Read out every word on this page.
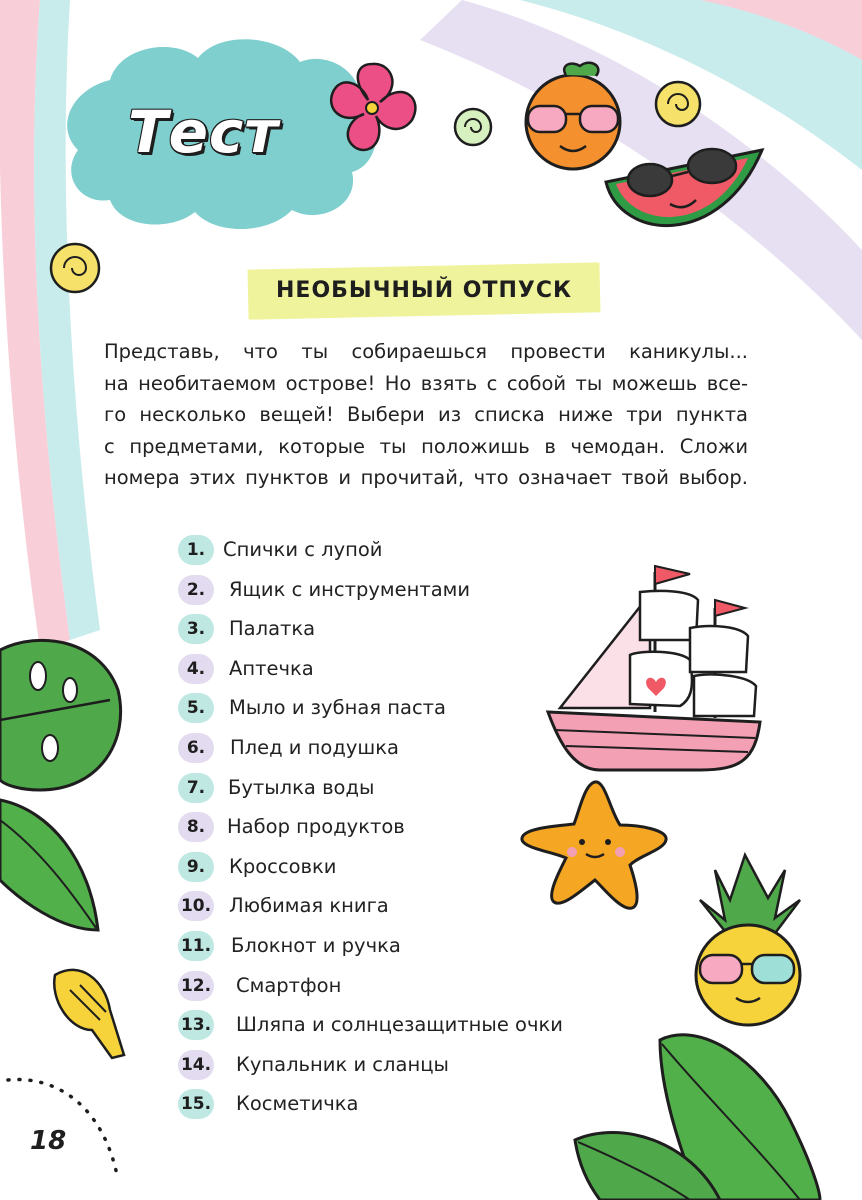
Тест
НЕОБЫЧНЫЙ ОТПУСК
Представь, что ты собираешься провести каникулы...
на необитаемом острове! Но взять с собой ты можешь все-
го несколько вещей! Выбери из списка ниже три пункта
с предметами, которые ты положишь в чемодан. Сложи
номера этих пунктов и прочитай, что означает твой выбор.
1. Спички с лупой
2.	Ящик с инструментами
3.	Палатка
4.	Аптечка
5.	Мыло и зубная паста
6.	Плед и подушка
7.	Бутылка воды
8.	Набор продуктов
9.	Кроссовки
10. Любимая книга
11. Блокнот и ручка
12. Смартфон
13. Шляпа и солнцезащитные очки
14. Купальник и сланцы
15. Косметичка
18
